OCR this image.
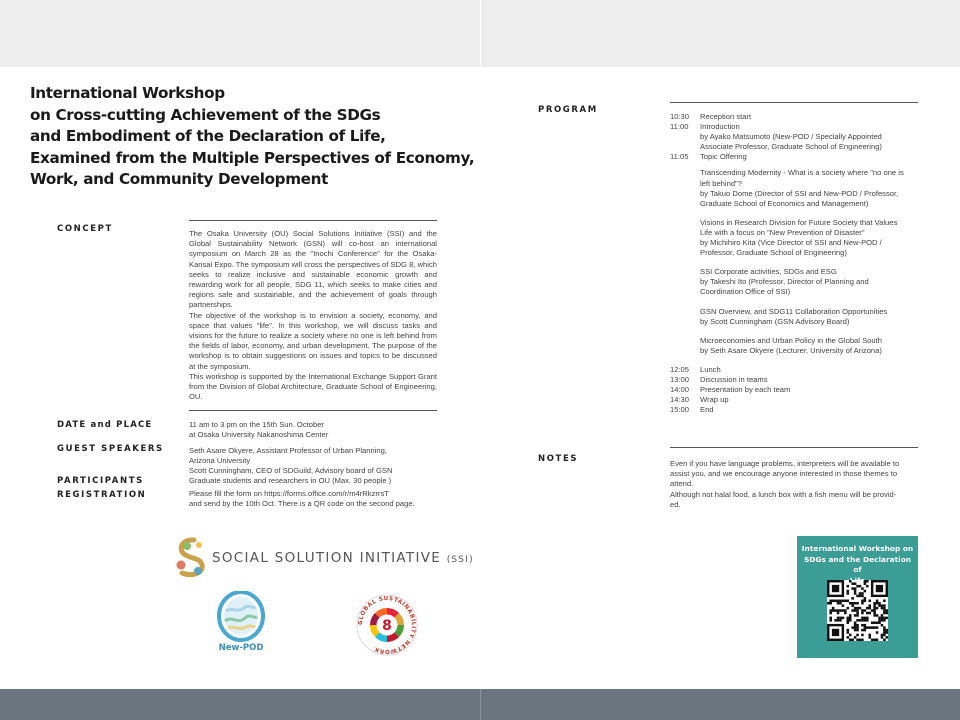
International Workshop
on Cross-cutting Achievement of the SDGs
and Embodiment of the Declaration of Life,
Examined from the Multiple Perspectives of Economy,
Work, and Community Development
CONCEPT	The Osaka University (OU) Social Solutions Initiative (SSI) and the Global Sustainability Network (GSN) will co-host an international symposium on March 28 as the "Inochi Conference" for the Osaka-Kansai Expo. The symposium will cross the perspectives of SDG 8, which seeks to realize inclusive and sustainable economic growth and rewarding work for all people, SDG 11, which seeks to make cities and regions safe and sustainable, and the achievement of goals through partnerships.
The objective of the workshop is to envision a society, economy, and space that values "life". In this workshop, we will discuss tasks and visions for the future to realize a society where no one is left behind from the fields of labor, economy, and urban development. The purpose of the workshop is to obtain suggestions on issues and topics to be discussed at the symposium.
This workshop is supported by the International Exchange Support Grant from the Division of Global Architecture, Graduate School of Engineering, OU.
DATE and PLACE	11 am to 3 pm on the 15th Sun. October
at Osaka University Nakanoshima Center
GUEST SPEAKERS	Seth Asare Okyere, Assistant Professor of Urban Planning,
Arizona University
Scott Cunningham, CEO of SDGuild, Advisory board of GSN
PARTICIPANTS	Graduate students and researchers in OU (Max. 30 people )
REGISTRATION	Please fill the form on https://forms.office.com/r/m4rRkzrrsT
and send by the 10th Oct. There is a QR code on the second page.
PROGRAM
10:30	Reception start
11:00	Introduction
by Ayako Matsumoto (New-POD / Specially Appointed
Associate Professor, Graduate School of Engineering)
11:05	Topic Offering
Transcending Modernity - What is a society where "no one is
left behind"?
by Takuo Dome (Director of SSI and New-POD / Professor,
Graduate School of Economics and Management)
Visions in Research Division for Future Society that Values
Life with a focus on "New Prevention of Disaster"
by Michihiro Kita (Vice Director of SSI and New-POD /
Professor, Graduate School of Engineering)
SSI Corporate activities, SDGs and ESG
by Takeshi Ito (Professor, Director of Planning and
Coordination Office of SSI)
GSN Overview, and SDG11 Collaboration Opportunities
by Scott Cunningham (GSN Advisory Board)
Microeconomies and Urban Policy in the Global South
by Seth Asare Okyere (Lecturer, University of Arizona)
12:05	Lunch
13:00	Discussion in teams
14:00	Presentation by each team
14:30	Wrap up
15:00	End
NOTES	Even if you have language problems, interpreters will be available to
assist you, and we encourage anyone interested in those themes to
attend.
Although not halal food, a lunch box with a fish menu will be provid-
ed.
SOCIAL SOLUTION INITIATIVE (SSI)
New-POD
GLOBAL SUSTAINABILITY NETWORK
8
International Workshop on
SDGs and the Declaration of
